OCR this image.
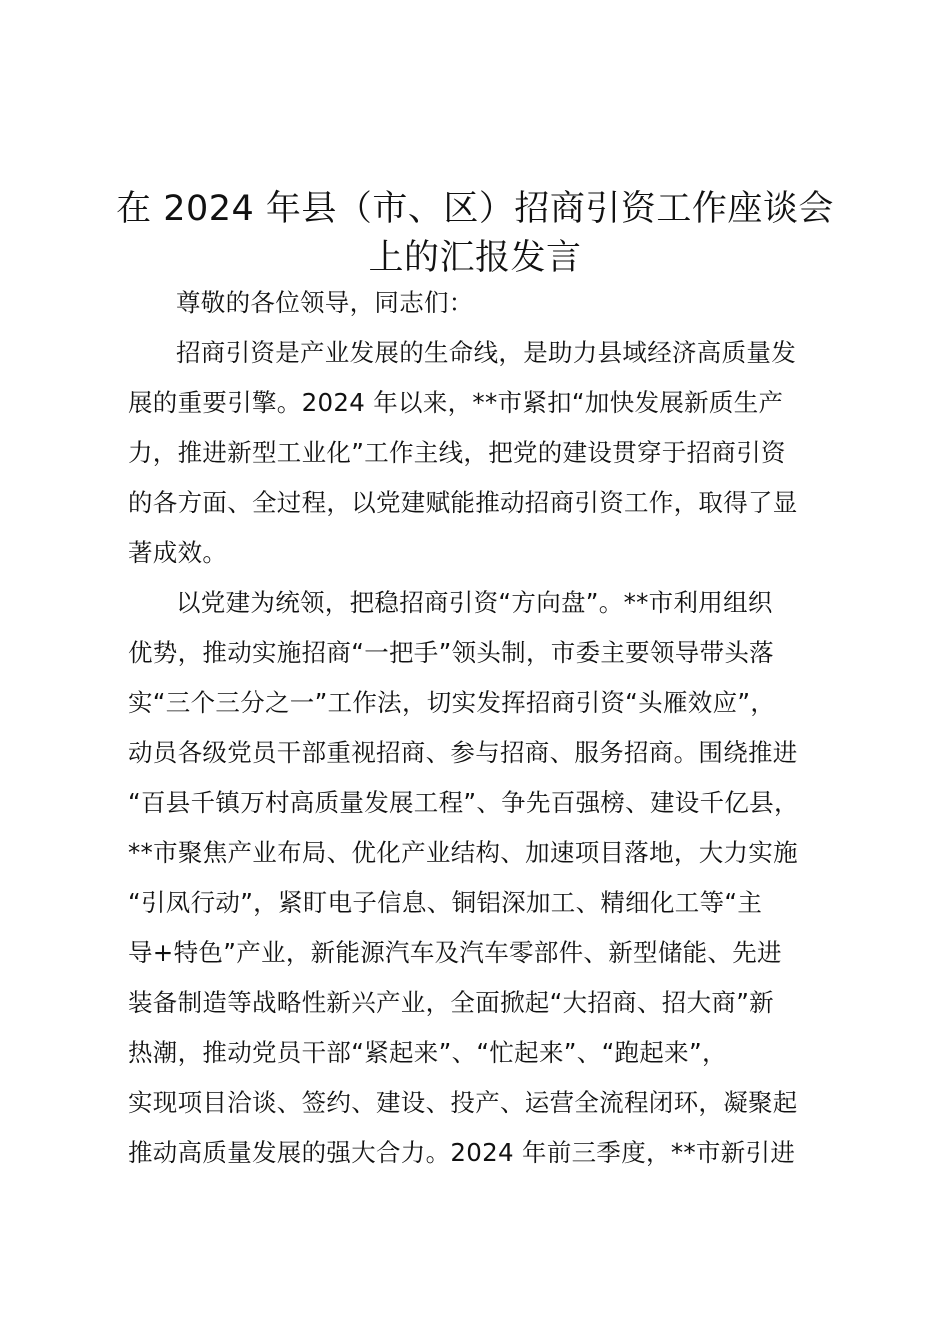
在 2024 年县（市、区）招商引资工作座谈会
上的汇报发言
尊敬的各位领导，同志们：
招商引资是产业发展的生命线，是助力县域经济高质量发
展的重要引擎。2024 年以来，**市紧扣“加快发展新质生产
力，推进新型工业化”工作主线，把党的建设贯穿于招商引资
的各方面、全过程，以党建赋能推动招商引资工作，取得了显
著成效。
以党建为统领，把稳招商引资“方向盘”。**市利用组织
优势，推动实施招商“一把手”领头制，市委主要领导带头落
实“三个三分之一”工作法，切实发挥招商引资“头雁效应”，
动员各级党员干部重视招商、参与招商、服务招商。围绕推进
“百县千镇万村高质量发展工程”、争先百强榜、建设千亿县，
**市聚焦产业布局、优化产业结构、加速项目落地，大力实施
“引凤行动”，紧盯电子信息、铜铝深加工、精细化工等“主
导+特色”产业，新能源汽车及汽车零部件、新型储能、先进
装备制造等战略性新兴产业，全面掀起“大招商、招大商”新
热潮，推动党员干部“紧起来”、“忙起来”、“跑起来”，
实现项目洽谈、签约、建设、投产、运营全流程闭环，凝聚起
推动高质量发展的强大合力。2024 年前三季度，**市新引进
